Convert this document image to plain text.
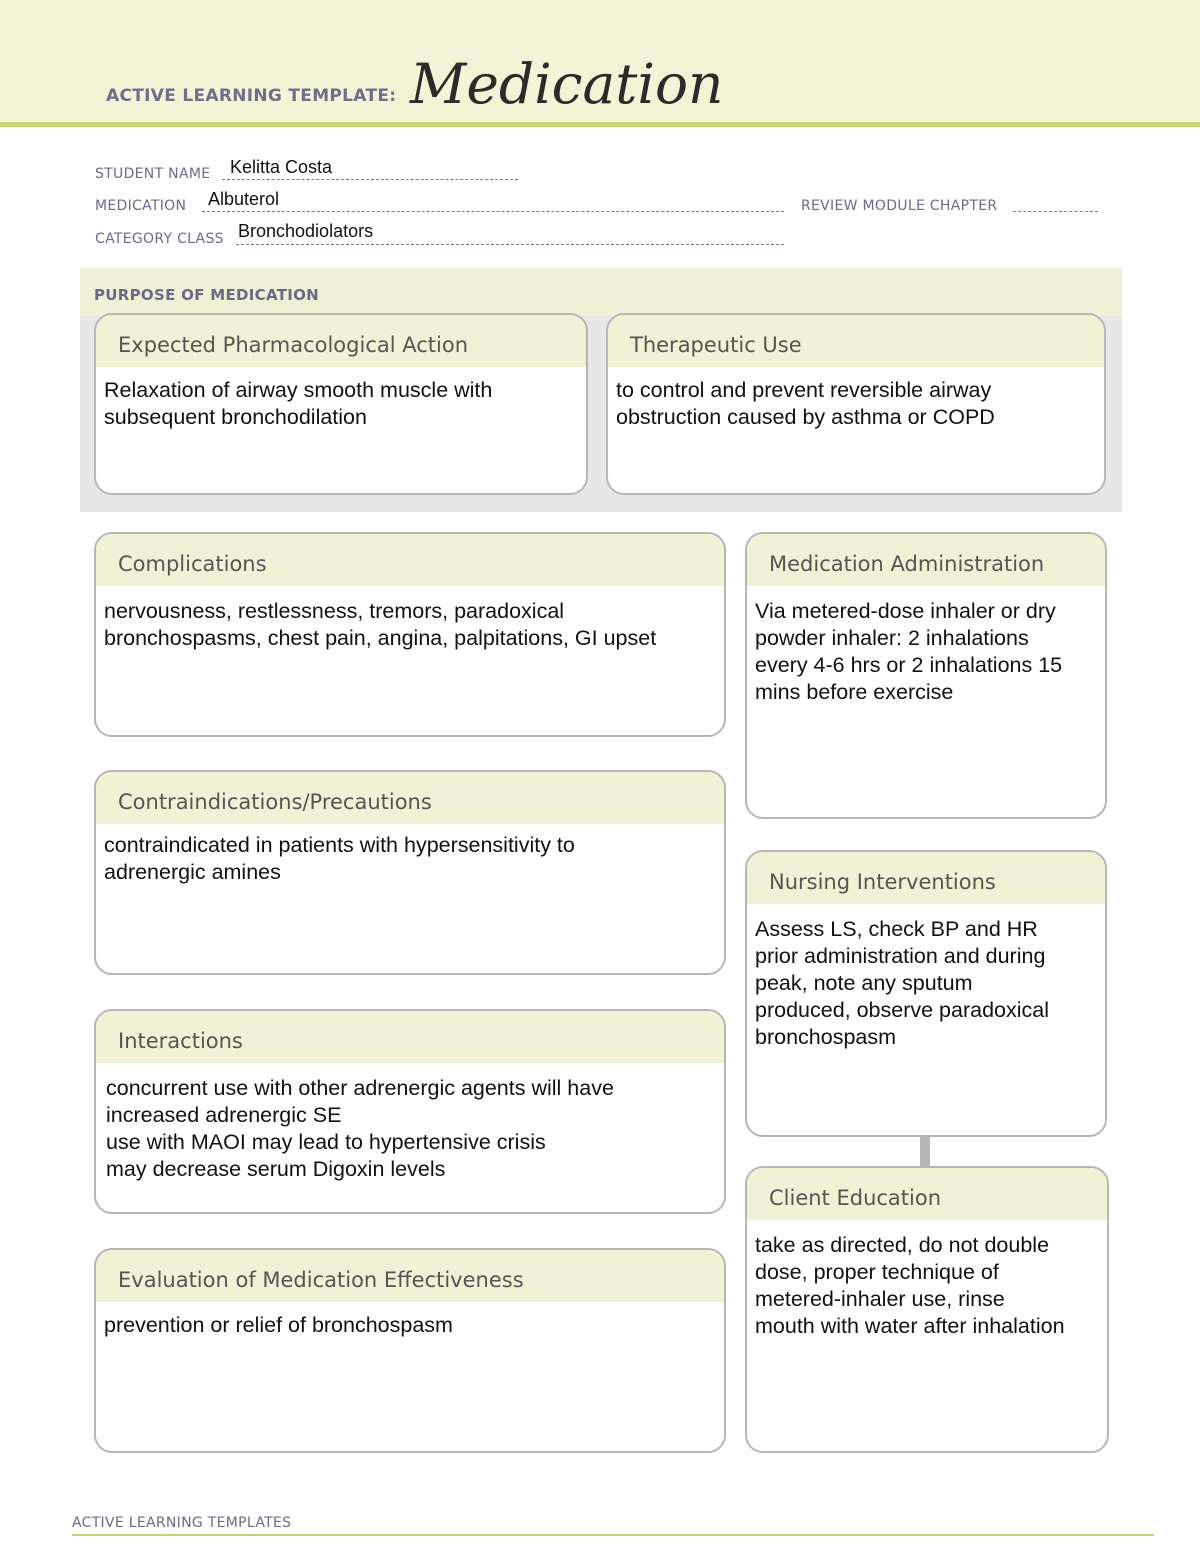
ACTIVE LEARNING TEMPLATE: Medication
STUDENT NAME Kelitta Costa
MEDICATION Albuterol	REVIEW MODULE CHAPTER
CATEGORY CLASS Bronchodiolators
PURPOSE OF MEDICATION
Expected Pharmacological Action
Relaxation of airway smooth muscle with
subsequent bronchodilation
Therapeutic Use
to control and prevent reversible airway
obstruction caused by asthma or COPD
Complications
nervousness, restlessness, tremors, paradoxical
bronchospasms, chest pain, angina, palpitations, GI upset
Contraindications/Precautions
contraindicated in patients with hypersensitivity to
adrenergic amines
Interactions
concurrent use with other adrenergic agents will have
increased adrenergic SE
use with MAOI may lead to hypertensive crisis
may decrease serum Digoxin levels
Evaluation of Medication Effectiveness
prevention or relief of bronchospasm
Medication Administration
Via metered-dose inhaler or dry
powder inhaler: 2 inhalations
every 4-6 hrs or 2 inhalations 15
mins before exercise
Nursing Interventions
Assess LS, check BP and HR
prior administration and during
peak, note any sputum
produced, observe paradoxical
bronchospasm
Client Education
take as directed, do not double
dose, proper technique of
metered-inhaler use, rinse
mouth with water after inhalation
ACTIVE LEARNING TEMPLATES
